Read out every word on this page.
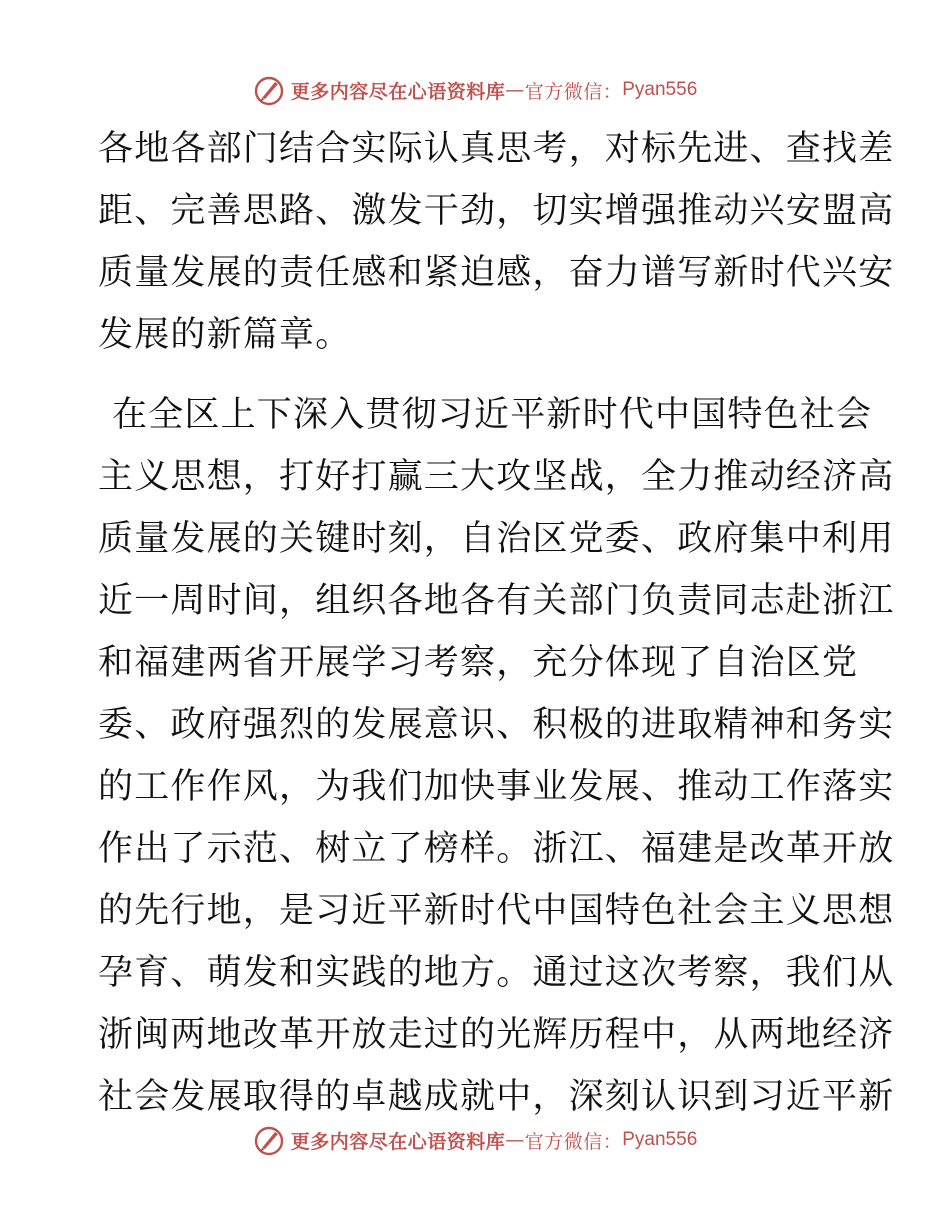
更多内容尽在心语资料库 — 官方微信： Pyan556
各地各部门结合实际认真思考，对标先进、查找差
距、完善思路、激发干劲，切实增强推动兴安盟高
质量发展的责任感和紧迫感，奋力谱写新时代兴安
发展的新篇章。
在全区上下深入贯彻习近平新时代中国特色社会
主义思想，打好打赢三大攻坚战，全力推动经济高
质量发展的关键时刻，自治区党委、政府集中利用
近一周时间，组织各地各有关部门负责同志赴浙江
和福建两省开展学习考察，充分体现了自治区党
委、政府强烈的发展意识、积极的进取精神和务实
的工作作风，为我们加快事业发展、推动工作落实
作出了示范、树立了榜样。浙江、福建是改革开放
的先行地，是习近平新时代中国特色社会主义思想
孕育、萌发和实践的地方。通过这次考察，我们从
浙闽两地改革开放走过的光辉历程中，从两地经济
社会发展取得的卓越成就中，深刻认识到习近平新
更多内容尽在心语资料库 — 官方微信： Pyan556
